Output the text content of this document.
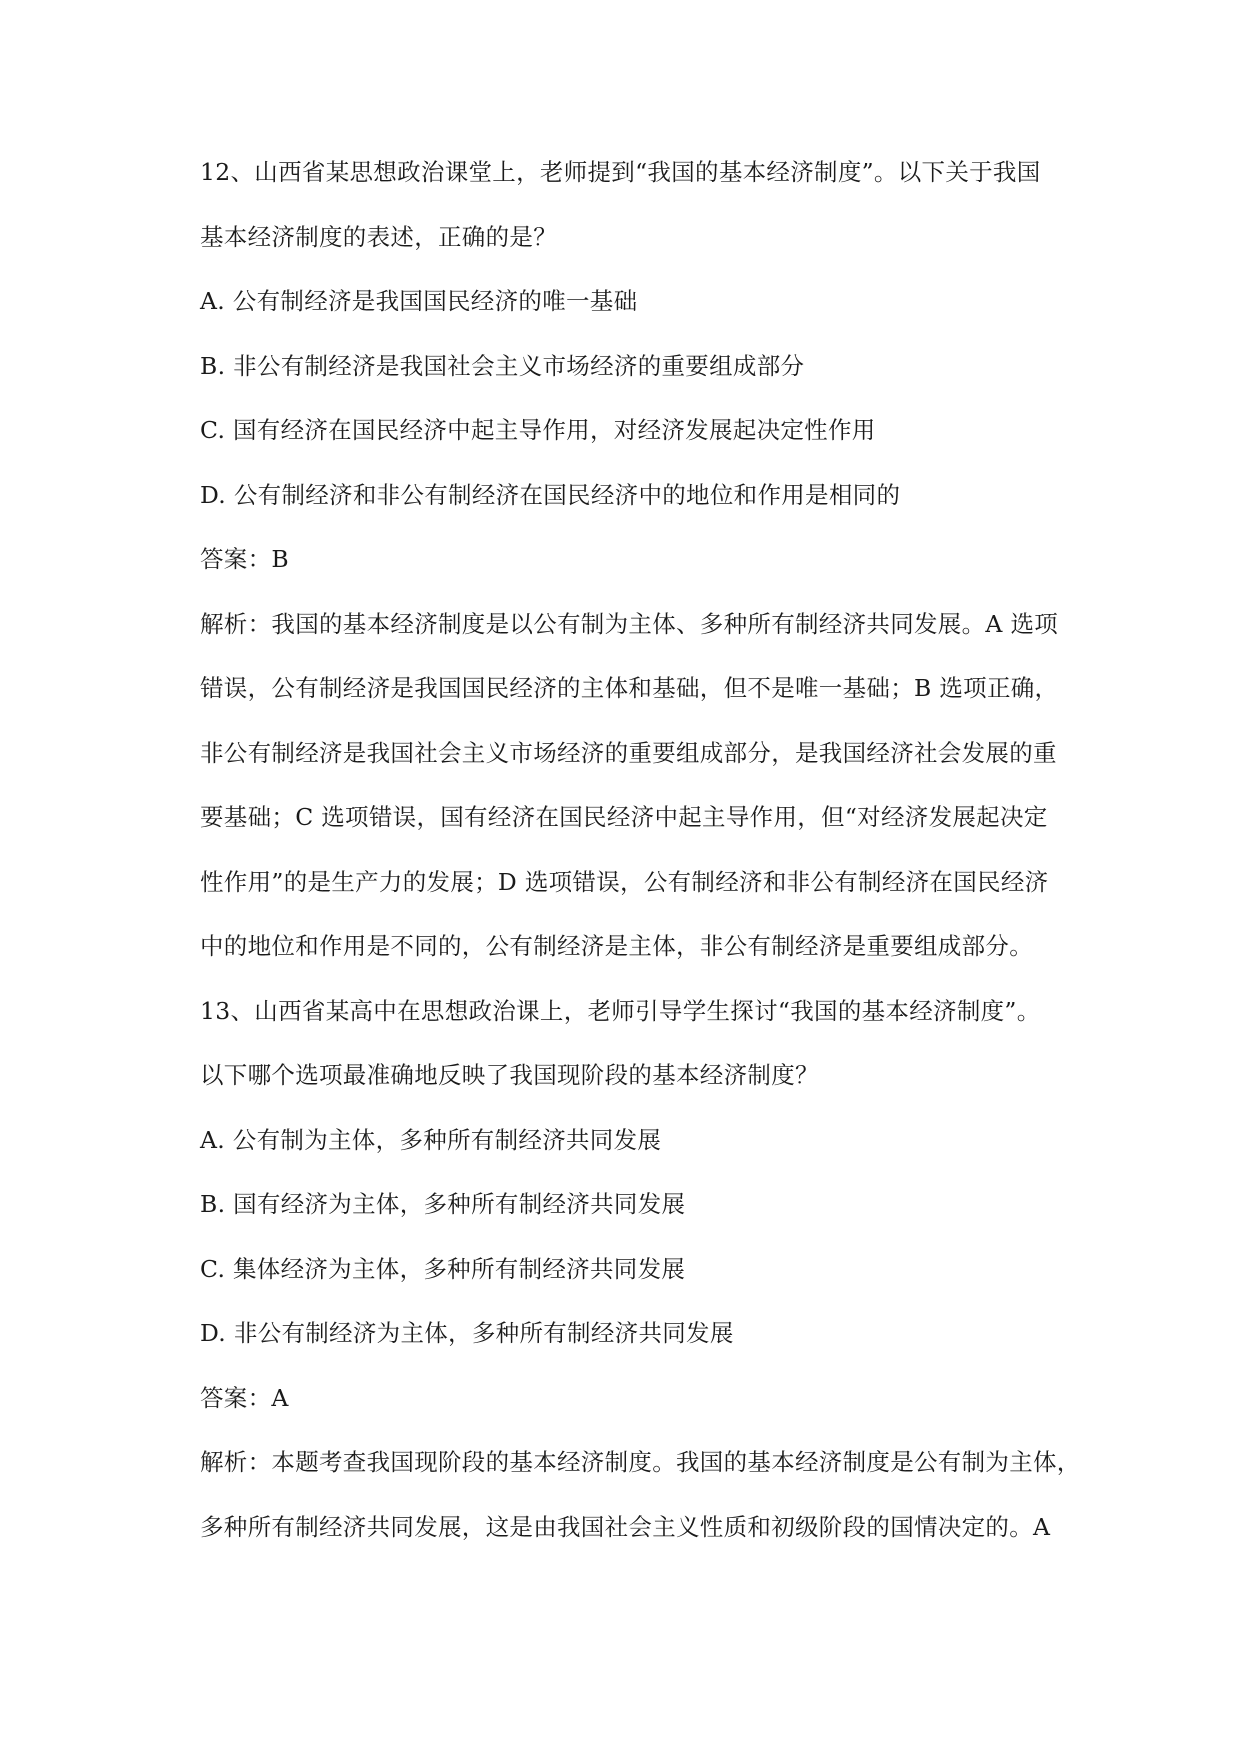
12、山西省某思想政治课堂上，老师提到“我国的基本经济制度”。以下关于我国
基本经济制度的表述，正确的是？
A. 公有制经济是我国国民经济的唯一基础
B. 非公有制经济是我国社会主义市场经济的重要组成部分
C. 国有经济在国民经济中起主导作用，对经济发展起决定性作用
D. 公有制经济和非公有制经济在国民经济中的地位和作用是相同的
答案：B
解析：我国的基本经济制度是以公有制为主体、多种所有制经济共同发展。A 选项
错误，公有制经济是我国国民经济的主体和基础，但不是唯一基础；B 选项正确，
非公有制经济是我国社会主义市场经济的重要组成部分，是我国经济社会发展的重
要基础；C 选项错误，国有经济在国民经济中起主导作用，但“对经济发展起决定
性作用”的是生产力的发展；D 选项错误，公有制经济和非公有制经济在国民经济
中的地位和作用是不同的，公有制经济是主体，非公有制经济是重要组成部分。
13、山西省某高中在思想政治课上，老师引导学生探讨“我国的基本经济制度”。
以下哪个选项最准确地反映了我国现阶段的基本经济制度？
A. 公有制为主体，多种所有制经济共同发展
B. 国有经济为主体，多种所有制经济共同发展
C. 集体经济为主体，多种所有制经济共同发展
D. 非公有制经济为主体，多种所有制经济共同发展
答案：A
解析：本题考查我国现阶段的基本经济制度。我国的基本经济制度是公有制为主体，
多种所有制经济共同发展，这是由我国社会主义性质和初级阶段的国情决定的。A
